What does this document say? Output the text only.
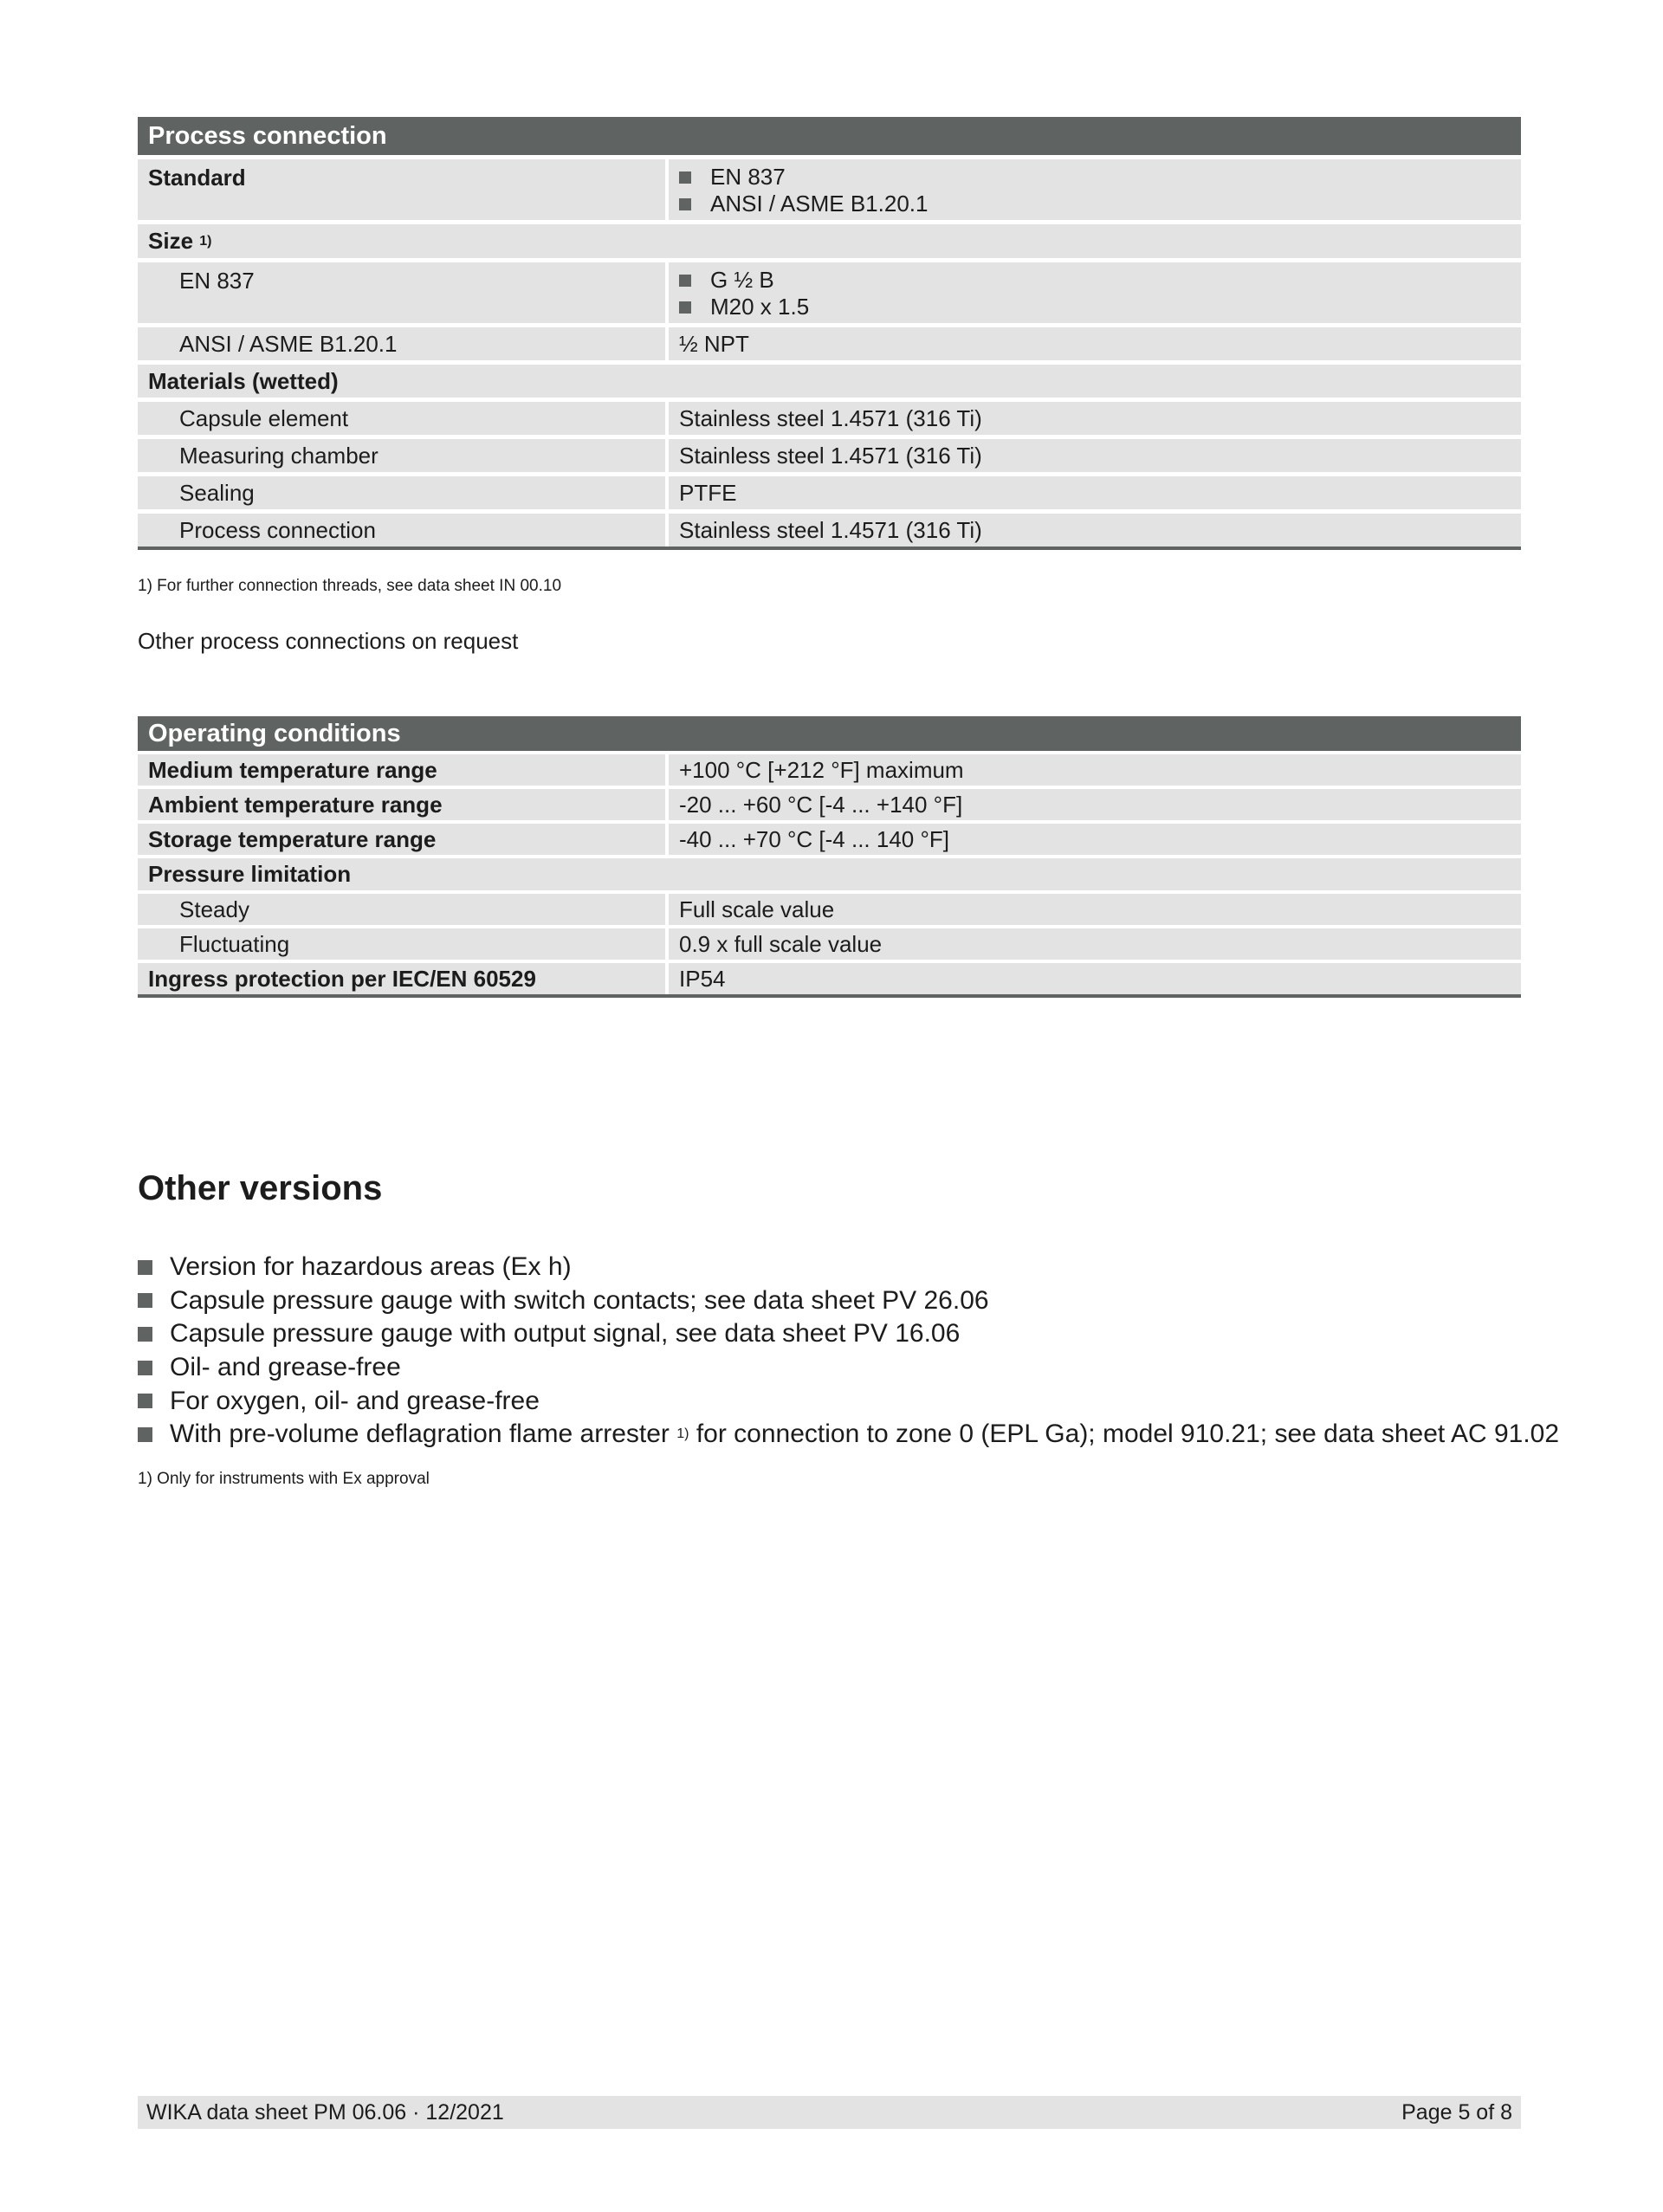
Process connection
Standard	EN 837
ANSI / ASME B1.20.1
Size
1)
EN 837	G ½ B
M20 x 1.5
ANSI / ASME B1.20.1	½ NPT
Materials (wetted)
Capsule element	Stainless steel 1.4571 (316 Ti)
Measuring chamber	Stainless steel 1.4571 (316 Ti)
Sealing	PTFE
Process connection	Stainless steel 1.4571 (316 Ti)
1) For further connection threads, see data sheet IN 00.10
Other process connections on request
Operating conditions
Medium temperature range	+100 °C [+212 °F] maximum
Ambient temperature range	-20 ... +60 °C [-4 ... +140 °F]
Storage temperature range	-40 ... +70 °C [-4 ... 140 °F]
Pressure limitation
Steady	Full scale value
Fluctuating	0.9 x full scale value
Ingress protection per IEC/EN 60529	IP54
Other versions
Version for hazardous areas (Ex h)
Capsule pressure gauge with switch contacts; see data sheet PV 26.06
Capsule pressure gauge with output signal, see data sheet PV 16.06
Oil- and grease-free
For oxygen, oil- and grease-free
With pre-volume deflagration flame arrester
1)
for connection to zone 0 (EPL Ga); model 910.21; see data sheet AC 91.02
1) Only for instruments with Ex approval
WIKA data sheet PM 06.06 · 12/2021	Page 5 of 8
